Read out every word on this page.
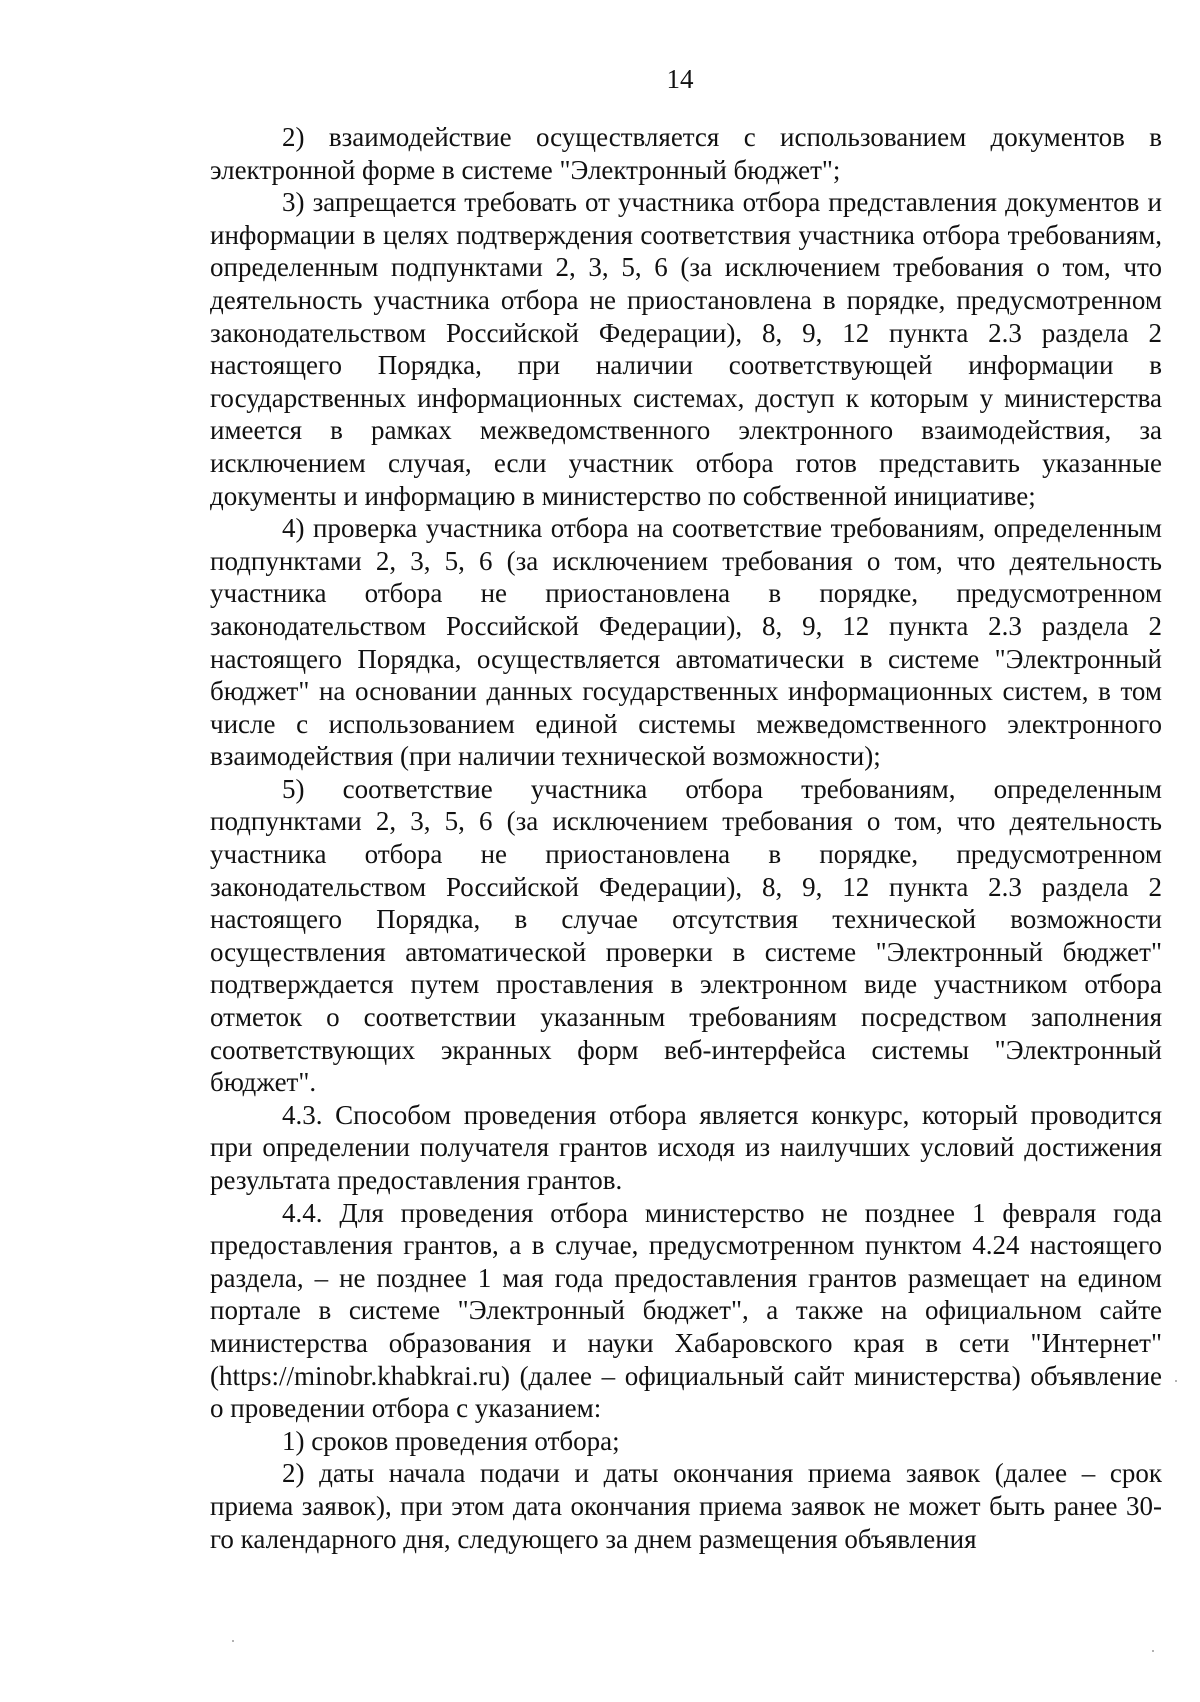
14

2) взаимодействие осуществляется с использованием документов в электронной форме в системе "Электронный бюджет";

3) запрещается требовать от участника отбора представления документов и информации в целях подтверждения соответствия участника отбора требованиям, определенным подпунктами 2, 3, 5, 6 (за исключением требования о том, что деятельность участника отбора не приостановлена в порядке, предусмотренном законодательством Российской Федерации), 8, 9, 12 пункта 2.3 раздела 2 настоящего Порядка, при наличии соответствующей информации в государственных информационных системах, доступ к которым у министерства имеется в рамках межведомственного электронного взаимодействия, за исключением случая, если участник отбора готов представить указанные документы и информацию в министерство по собственной инициативе;

4) проверка участника отбора на соответствие требованиям, определенным подпунктами 2, 3, 5, 6 (за исключением требования о том, что деятельность участника отбора не приостановлена в порядке, предусмотренном законодательством Российской Федерации), 8, 9, 12 пункта 2.3 раздела 2 настоящего Порядка, осуществляется автоматически в системе "Электронный бюджет" на основании данных государственных информационных систем, в том числе с использованием единой системы межведомственного электронного взаимодействия (при наличии технической возможности);

5) соответствие участника отбора требованиям, определенным подпунктами 2, 3, 5, 6 (за исключением требования о том, что деятельность участника отбора не приостановлена в порядке, предусмотренном законодательством Российской Федерации), 8, 9, 12 пункта 2.3 раздела 2 настоящего Порядка, в случае отсутствия технической возможности осуществления автоматической проверки в системе "Электронный бюджет" подтверждается путем проставления в электронном виде участником отбора отметок о соответствии указанным требованиям посредством заполнения соответствующих экранных форм веб-интерфейса системы "Электронный бюджет".

4.3. Способом проведения отбора является конкурс, который проводится при определении получателя грантов исходя из наилучших условий достижения результата предоставления грантов.

4.4. Для проведения отбора министерство не позднее 1 февраля года предоставления грантов, а в случае, предусмотренном пунктом 4.24 настоящего раздела, – не позднее 1 мая года предоставления грантов размещает на едином портале в системе "Электронный бюджет", а также на официальном сайте министерства образования и науки Хабаровского края в сети "Интернет" (https://minobr.khabkrai.ru) (далее – официальный сайт министерства) объявление о проведении отбора с указанием:

1) сроков проведения отбора;

2) даты начала подачи и даты окончания приема заявок (далее – срок приема заявок), при этом дата окончания приема заявок не может быть ранее 30-го календарного дня, следующего за днем размещения объявления
